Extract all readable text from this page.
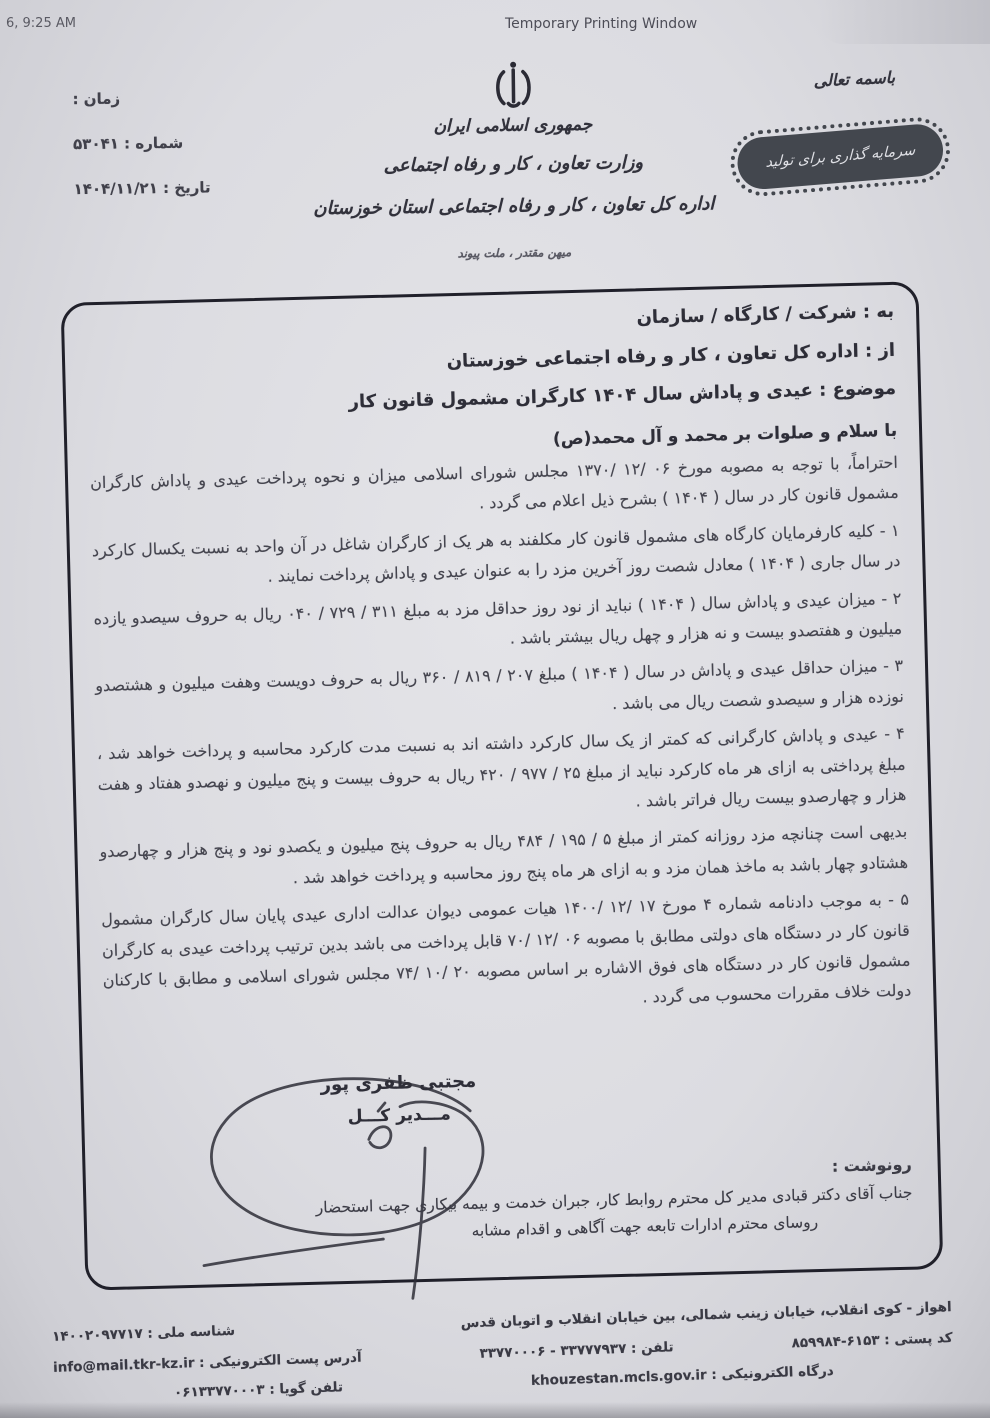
6, 9:25 AM	Temporary Printing Window
زمان :
شماره : ۵۳۰۴۱
تاریخ : ۱۴۰۴/۱۱/۲۱
جمهوری اسلامی ایران
وزارت تعاون ، کار و رفاه اجتماعی
اداره کل تعاون ، کار و رفاه اجتماعی استان خوزستان
میهن مقتدر ، ملت پیوند
باسمه تعالی
سرمایه گذاری برای تولید
به : شرکت / کارگاه / سازمان
از : اداره کل تعاون ، کار و رفاه اجتماعی خوزستان
موضوع : عیدی و پاداش سال ۱۴۰۴ کارگران مشمول قانون کار
با سلام و صلوات بر محمد و آل محمد(ص)

احتراماً، با توجه به مصوبه مورخ ۰۶ /۱۲ /۱۳۷۰ مجلس شورای اسلامی میزان و نحوه پرداخت عیدی و پاداش کارگران مشمول قانون کار در سال ( ۱۴۰۴ ) بشرح ذیل اعلام می گردد .

۱ - کلیه کارفرمایان کارگاه های مشمول قانون کار مکلفند به هر یک از کارگران شاغل در آن واحد به نسبت یکسال کارکرد در سال جاری ( ۱۴۰۴ ) معادل شصت روز آخرین مزد را به عنوان عیدی و پاداش پرداخت نمایند .

۲ - میزان عیدی و پاداش سال ( ۱۴۰۴ ) نباید از نود روز حداقل مزد به مبلغ ۳۱۱ / ۷۲۹ / ۰۴۰ ریال به حروف سیصدو یازده میلیون و هفتصدو بیست و نه هزار و چهل ریال بیشتر باشد .

۳ - میزان حداقل عیدی و پاداش در سال ( ۱۴۰۴ ) مبلغ ۲۰۷ / ۸۱۹ / ۳۶۰ ریال به حروف دویست وهفت میلیون و هشتصدو نوزده هزار و سیصدو شصت ریال می باشد .

۴ - عیدی و پاداش کارگرانی که کمتر از یک سال کارکرد داشته اند به نسبت مدت کارکرد محاسبه و پرداخت خواهد شد ، مبلغ پرداختی به ازای هر ماه کارکرد نباید از مبلغ ۲۵ / ۹۷۷ / ۴۲۰ ریال به حروف بیست و پنج میلیون و نهصدو هفتاد و هفت هزار و چهارصدو بیست ریال فراتر باشد .

بدیهی است چنانچه مزد روزانه کمتر از مبلغ ۵ / ۱۹۵ / ۴۸۴ ریال به حروف پنج میلیون و یکصدو نود و پنج هزار و چهارصدو هشتادو چهار باشد به ماخذ همان مزد و به ازای هر ماه پنج روز محاسبه و پرداخت خواهد شد .

۵ - به موجب دادنامه شماره ۴ مورخ ۱۷ /۱۲ /۱۴۰۰ هیات عمومی دیوان عدالت اداری عیدی پایان سال کارگران مشمول قانون کار در دستگاه های دولتی مطابق با مصوبه ۰۶ /۱۲ /۷۰ قابل پرداخت می باشد بدین ترتیب پرداخت عیدی به کارگران مشمول قانون کار در دستگاه های فوق الاشاره بر اساس مصوبه ۲۰ /۱۰ /۷۴ مجلس شورای اسلامی و مطابق با کارکنان دولت خلاف مقررات محسوب می گردد .

مجتبی ظفری پور
مـــدیر کـــل
رونوشت :
جناب آقای دکتر قبادی مدیر کل محترم روابط کار، جبران خدمت و بیمه بیکاری جهت استحضار
روسای محترم ادارات تابعه جهت آگاهی و اقدام مشابه
اهواز - کوی انقلاب، خیابان زینب شمالی، بین خیابان انقلاب و اتوبان قدس
شناسه ملی : ۱۴۰۰۲۰۹۷۷۱۷
کد پستی : ۶۱۵۳-۸۵۹۹۸۴
تلفن : ۳۳۷۷۷۹۳۷ - ۳۳۷۷۰۰۰۶
آدرس پست الکترونیکی : info@mail.tkr-kz.ir
درگاه الکترونیکی : khouzestan.mcls.gov.ir
تلفن گویا : ۰۶۱۳۳۷۷۰۰۰۳
